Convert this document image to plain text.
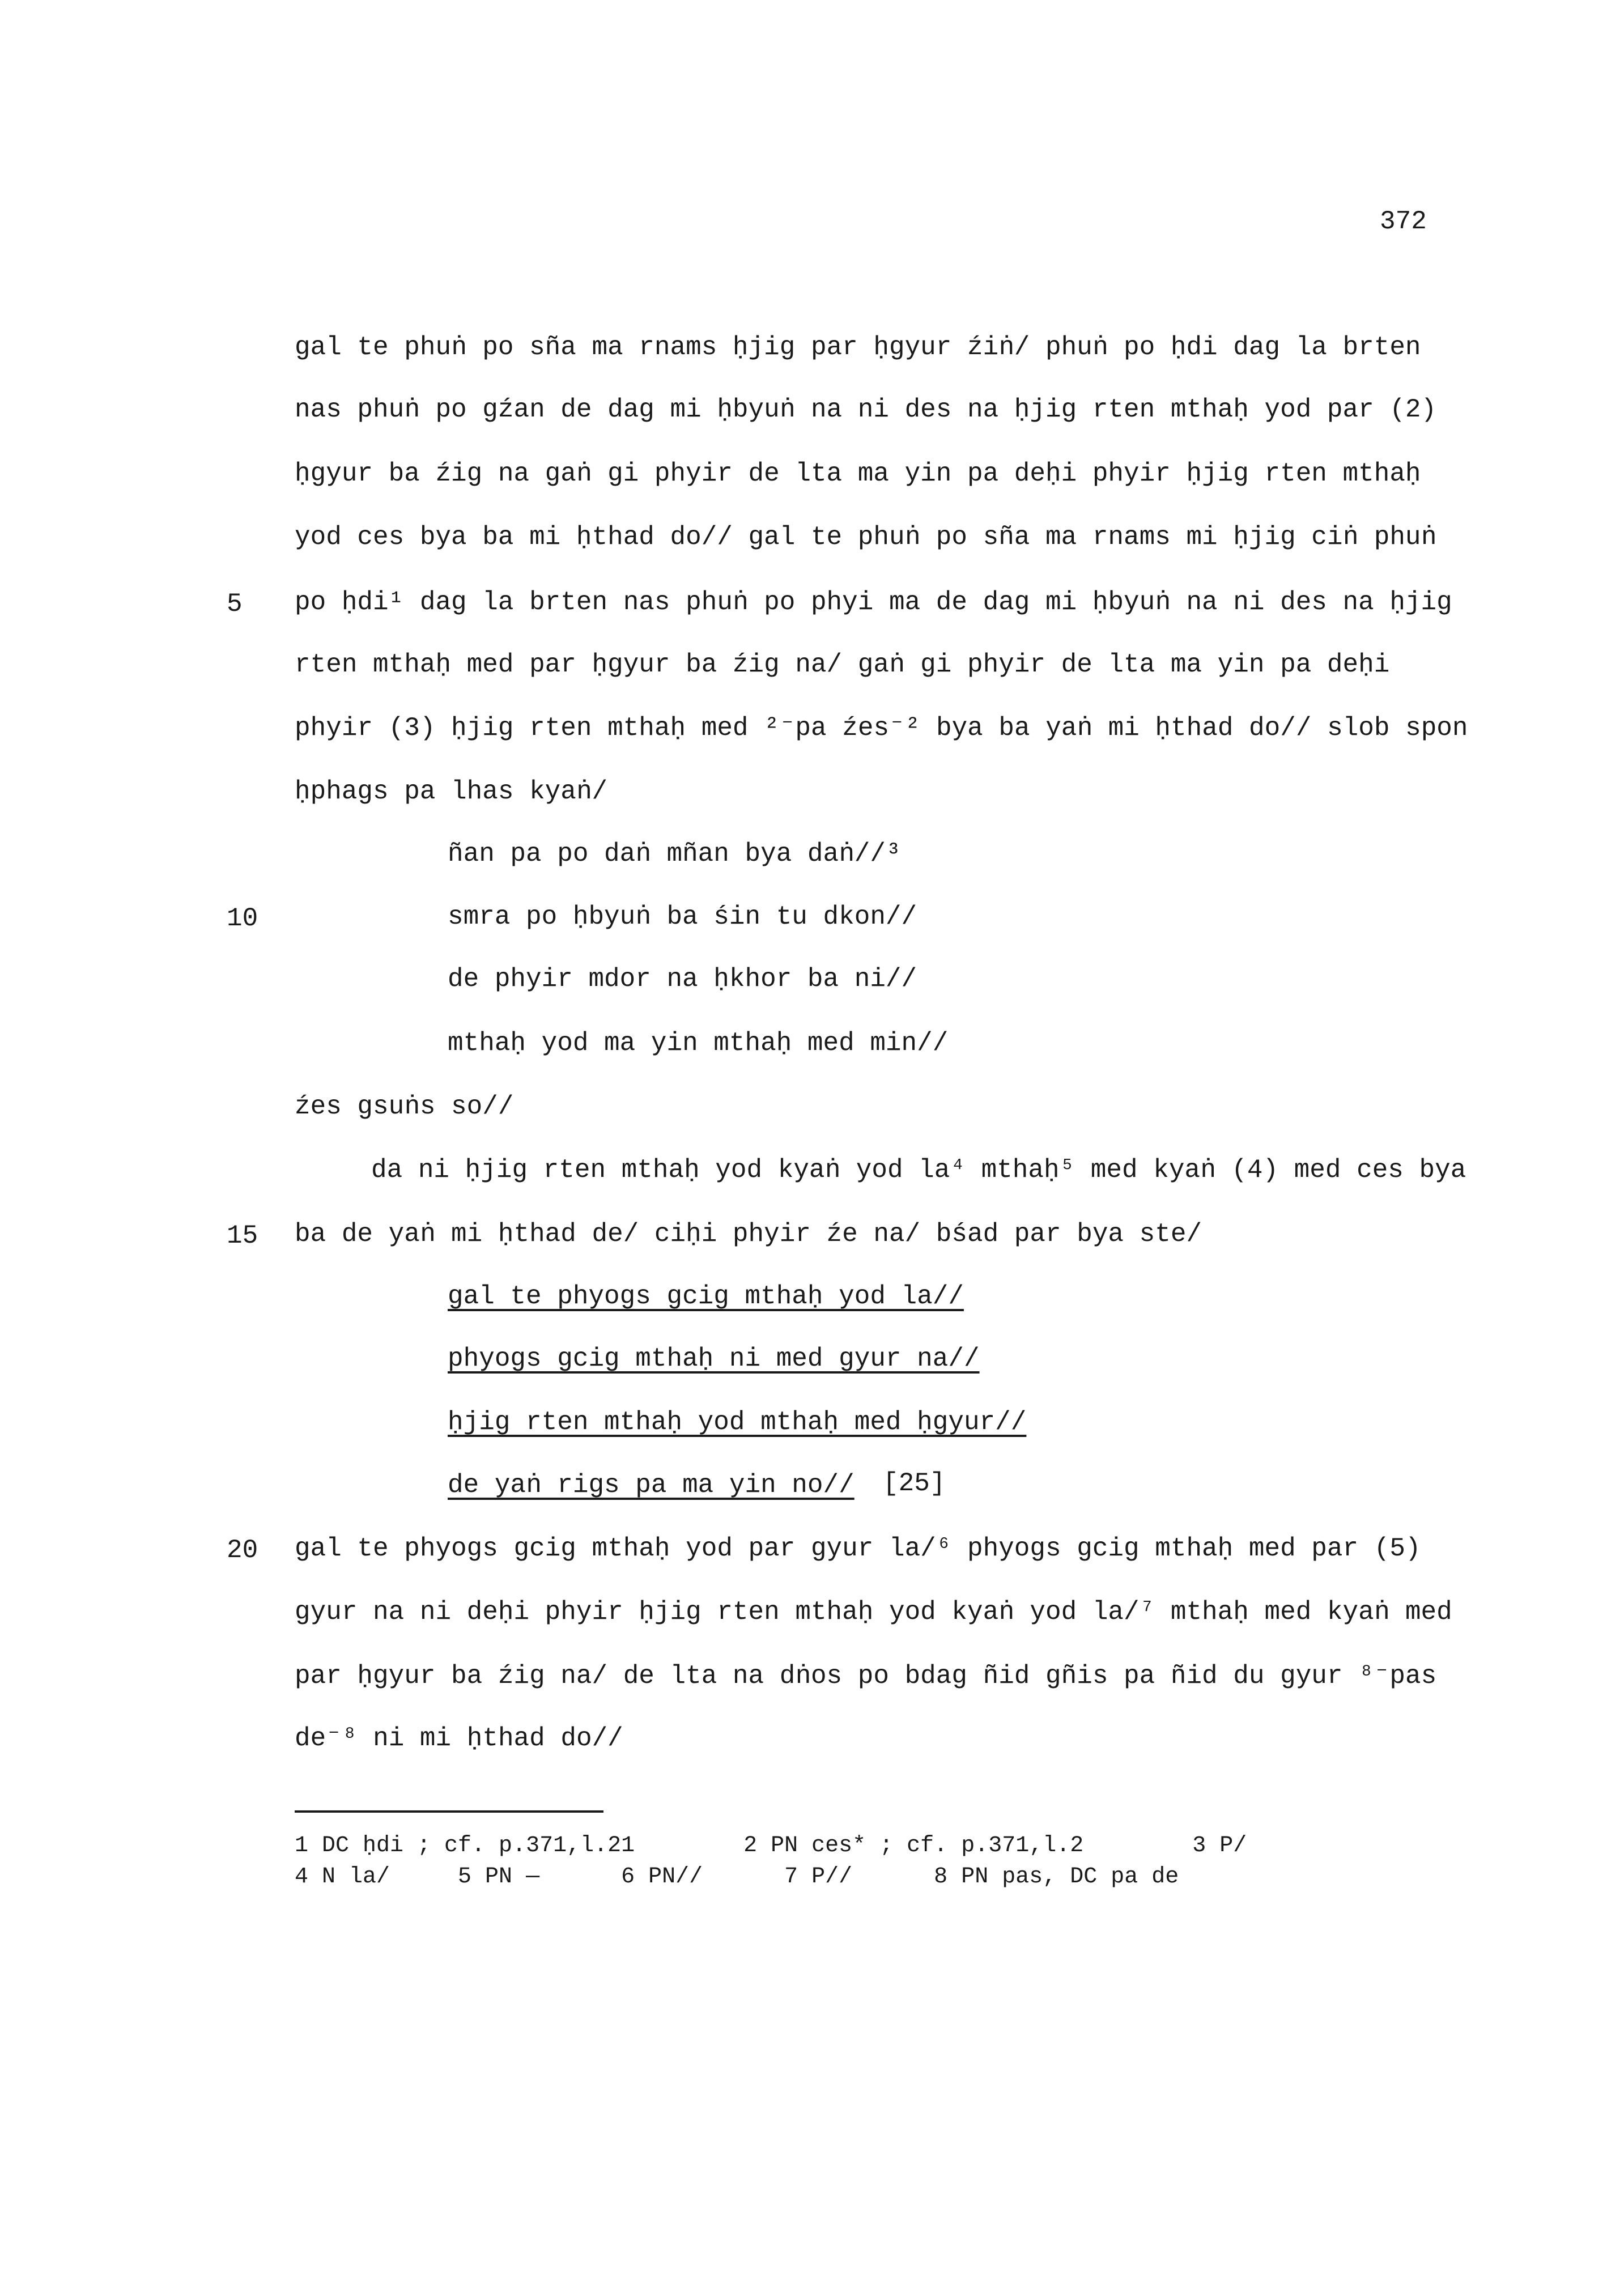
372
gal te phuṅ po sña ma rnams ḥjig par ḥgyur źiṅ/ phuṅ po ḥdi dag la brten
nas phuṅ po gźan de dag mi ḥbyuṅ na ni des na ḥjig rten mthaḥ yod par (2)
ḥgyur ba źig na gaṅ gi phyir de lta ma yin pa deḥi phyir ḥjig rten mthaḥ
yod ces bya ba mi ḥthad do// gal te phuṅ po sña ma rnams mi ḥjig ciṅ phuṅ
5 po ḥdi¹ dag la brten nas phuṅ po phyi ma de dag mi ḥbyuṅ na ni des na ḥjig
rten mthaḥ med par ḥgyur ba źig na/ gaṅ gi phyir de lta ma yin pa deḥi
phyir (3) ḥjig rten mthaḥ med ²⁻pa źes⁻² bya ba yaṅ mi ḥthad do// slob spon
ḥphags pa lhas kyaṅ/
ñan pa po daṅ mñan bya daṅ//³
10	smra po ḥbyuṅ ba śin tu dkon//
de phyir mdor na ḥkhor ba ni//
mthaḥ yod ma yin mthaḥ med min//
źes gsuṅs so//
da ni ḥjig rten mthaḥ yod kyaṅ yod la⁴ mthaḥ⁵ med kyaṅ (4) med ces bya
15 ba de yaṅ mi ḥthad de/ ciḥi phyir źe na/ bśad par bya ste/
gal te phyogs gcig mthaḥ yod la//
phyogs gcig mthaḥ ni med gyur na//
ḥjig rten mthaḥ yod mthaḥ med ḥgyur//
de yaṅ rigs pa ma yin no// [25]
20 gal te phyogs gcig mthaḥ yod par gyur la/⁶ phyogs gcig mthaḥ med par (5)
gyur na ni deḥi phyir ḥjig rten mthaḥ yod kyaṅ yod la/⁷ mthaḥ med kyaṅ med
par ḥgyur ba źig na/ de lta na dṅos po bdag ñid gñis pa ñid du gyur ⁸⁻pas
de⁻⁸ ni mi ḥthad do//
1 DC ḥdi ; cf. p.371,l.21        2 PN ces* ; cf. p.371,l.2        3 P/
4 N la/     5 PN —      6 PN//      7 P//      8 PN pas, DC pa de
